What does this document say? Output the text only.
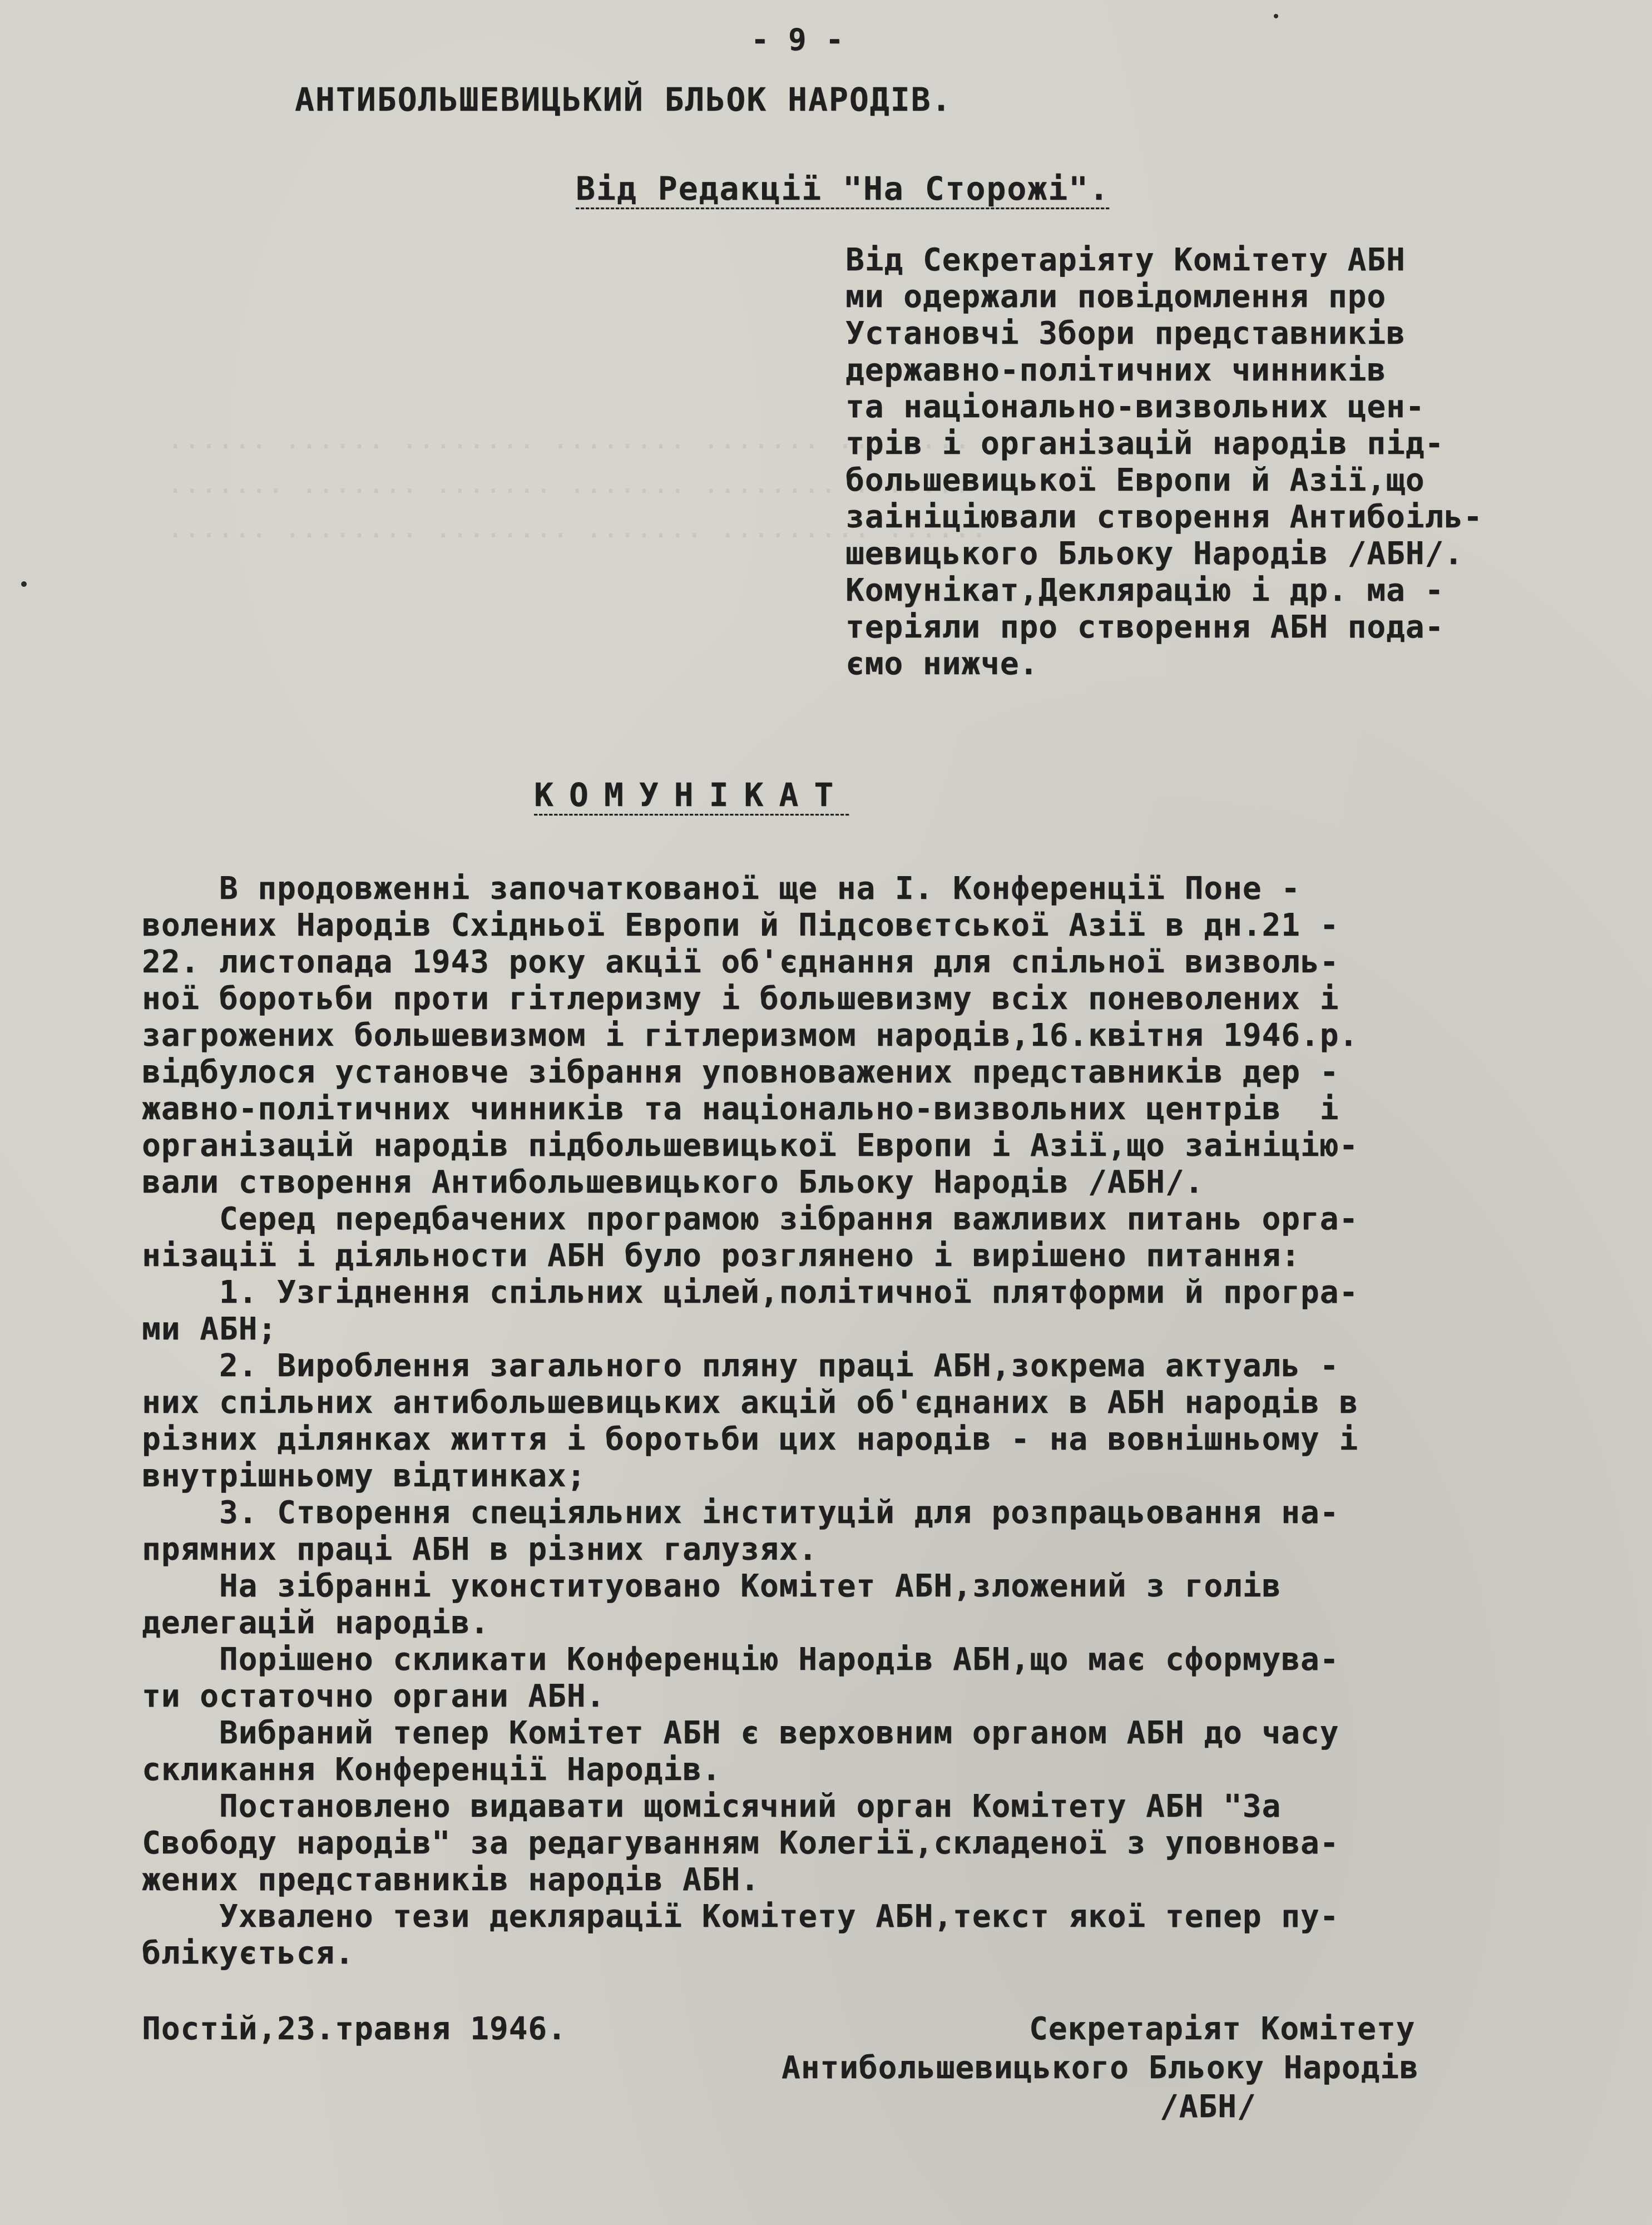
........ ....... ........ ........ ...... ......
....... ........ ....... ....... ....... .......
...... ......... ....... ........ ........ ......
- 9 -
АНТИБОЛЬШЕВИЦЬКИЙ БЛЬОК НАРОДІВ.
Від Редакції "На Сторожі".
Від Секретаріяту Комітету АБН
ми одержали повідомлення про
Установчі Збори представників
державно-політичних чинників
та національно-визвольних цен-
трів і організацій народів під-
большевицької Европи й Азії,що
заініціювали створення Антибоіль-
шевицького Бльоку Народів /АБН/.
Комунікат,Деклярацію і др. ма -
теріяли про створення АБН пода-
ємо нижче.
КОМУНІКАТ
В продовженні започаткованої ще на І. Конференції Поне -
волених Народів Східньої Европи й Підсовєтської Азії в дн.21 -
22. листопада 1943 року акції об'єднання для спільної визволь-
ної боротьби проти гітлеризму і большевизму всіх поневолених і
загрожених большевизмом і гітлеризмом народів,16.квітня 1946.р.
відбулося установче зібрання уповноважених представників дер -
жавно-політичних чинників та національно-визвольних центрів  і
організацій народів підбольшевицької Европи і Азії,що заініцію-
вали створення Антибольшевицького Бльоку Народів /АБН/.
Серед передбачених програмою зібрання важливих питань орга-
нізації і діяльности АБН було розглянено і вирішено питання:
1. Узгіднення спільних цілей,політичної плятформи й програ-
ми АБН;
2. Вироблення загального пляну праці АБН,зокрема актуаль -
них спільних антибольшевицьких акцій об'єднаних в АБН народів в
різних ділянках життя і боротьби цих народів - на вовнішньому і
внутрішньому відтинках;
3. Створення спеціяльних інституцій для розпрацьовання на-
прямних праці АБН в різних галузях.
На зібранні уконституовано Комітет АБН,зложений з голів
делегацій народів.
Порішено скликати Конференцію Народів АБН,що має сформува-
ти остаточно органи АБН.
Вибраний тепер Комітет АБН є верховним органом АБН до часу
скликання Конференції Народів.
Постановлено видавати щомісячний орган Комітету АБН "За
Свободу народів" за редагуванням Колегії,складеної з уповнова-
жених представників народів АБН.
Ухвалено тези деклярації Комітету АБН,текст якої тепер пу-
блікується.
Постій,23.травня 1946.	Секретаріят Комітету
Антибольшевицького Бльоку Народів
/АБН/
